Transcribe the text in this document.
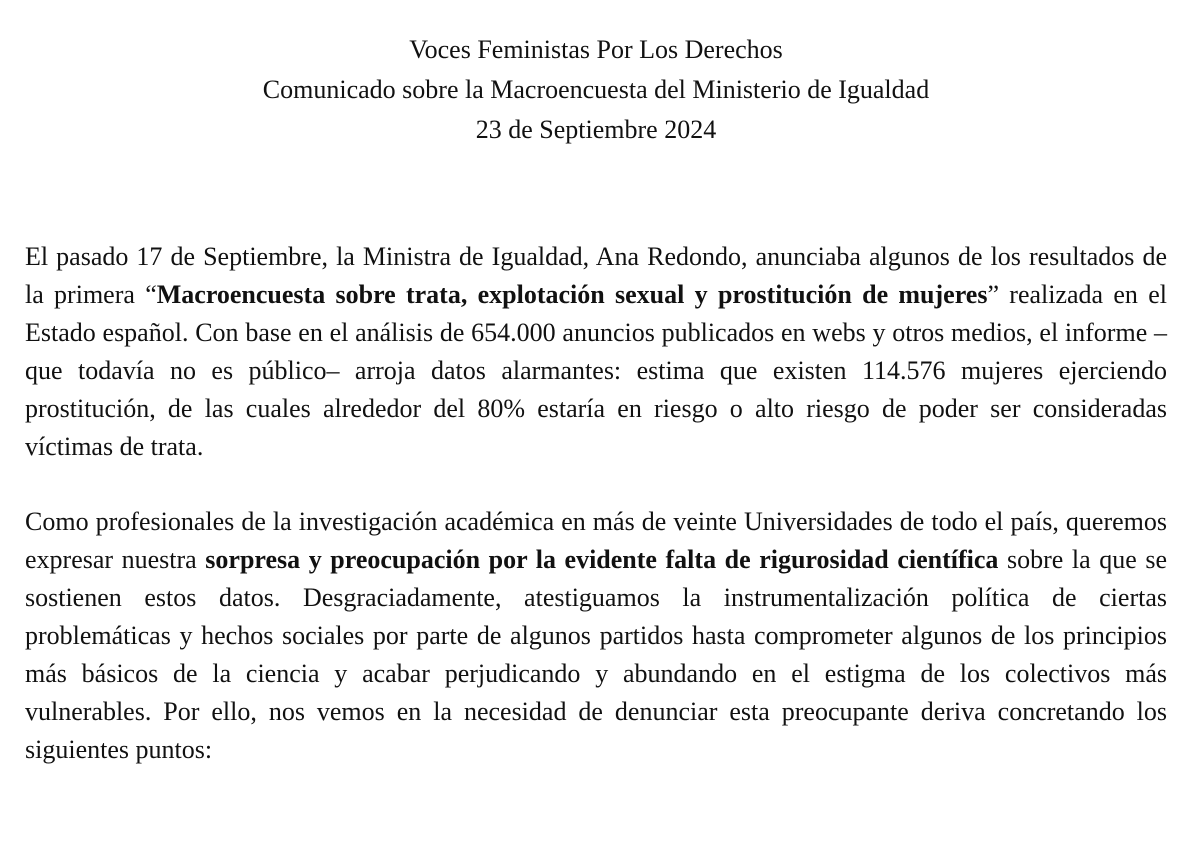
Voces Feministas Por Los Derechos
Comunicado sobre la Macroencuesta del Ministerio de Igualdad
23 de Septiembre 2024

El pasado 17 de Septiembre, la Ministra de Igualdad, Ana Redondo, anunciaba algunos de los resultados de la primera “Macroencuesta sobre trata, explotación sexual y prostitución de mujeres” realizada en el Estado español. Con base en el análisis de 654.000 anuncios publicados en webs y otros medios, el informe –que todavía no es público– arroja datos alarmantes: estima que existen 114.576 mujeres ejerciendo prostitución, de las cuales alrededor del 80% estaría en riesgo o alto riesgo de poder ser consideradas víctimas de trata.

Como profesionales de la investigación académica en más de veinte Universidades de todo el país, queremos expresar nuestra sorpresa y preocupación por la evidente falta de rigurosidad científica sobre la que se sostienen estos datos. Desgraciadamente, atestiguamos la instrumentalización política de ciertas problemáticas y hechos sociales por parte de algunos partidos hasta comprometer algunos de los principios más básicos de la ciencia y acabar perjudicando y abundando en el estigma de los colectivos más vulnerables. Por ello, nos vemos en la necesidad de denunciar esta preocupante deriva concretando los siguientes puntos:
